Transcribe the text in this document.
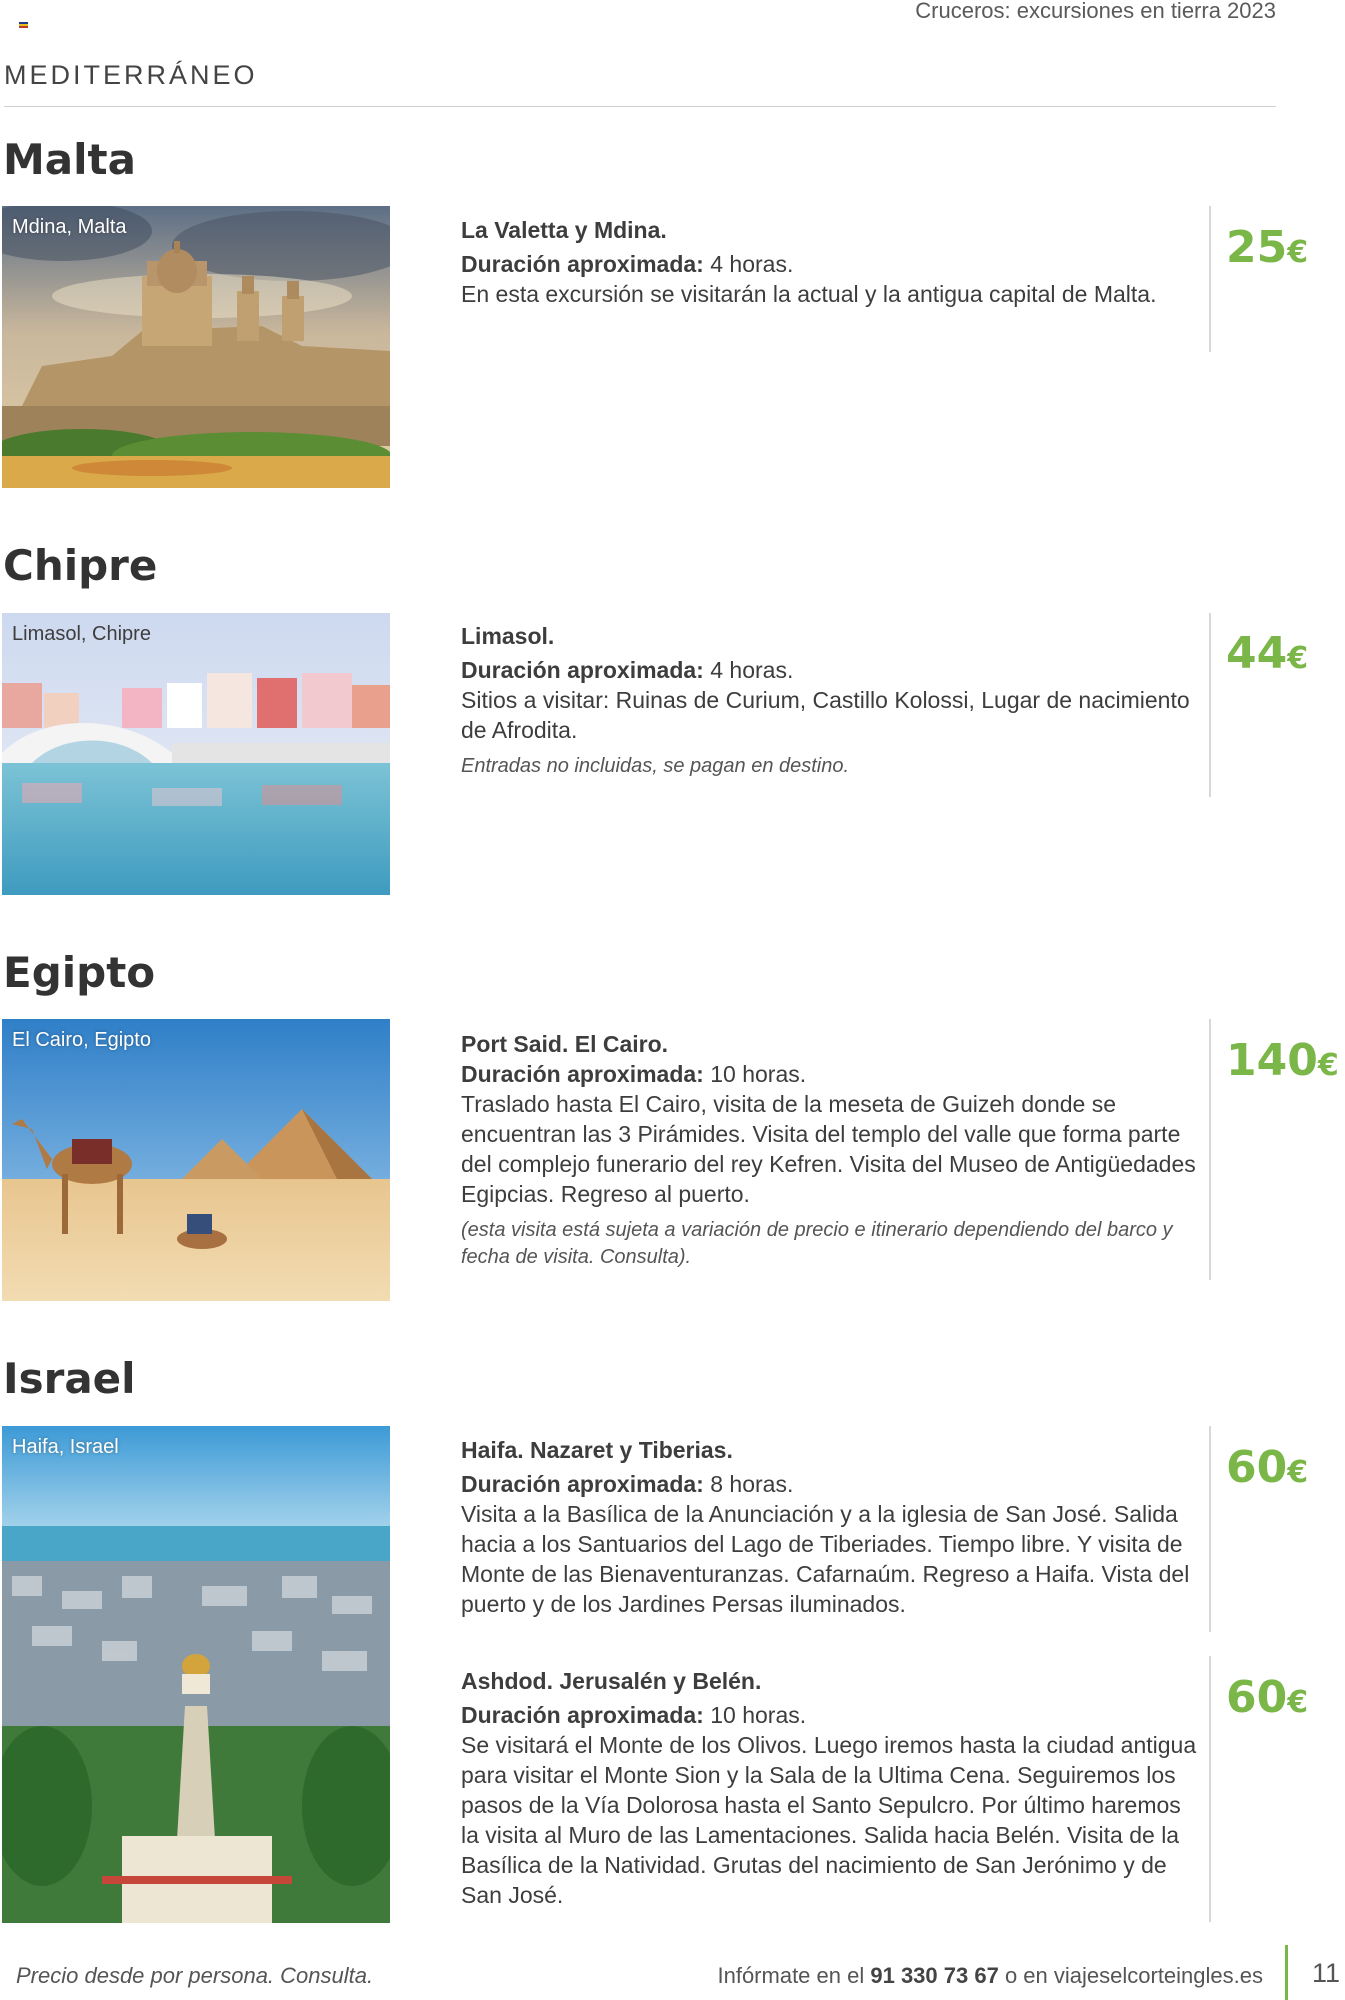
Cruceros: excursiones en tierra 2023
MEDITERRÁNEO
Malta
Mdina, Malta	La Valetta y Mdina.
Duración aproximada: 4 horas.
En esta excursión se visitarán la actual y la antigua capital de Malta.
25€
Chipre
Limasol, Chipre	Limasol.
Duración aproximada: 4 horas.
Sitios a visitar: Ruinas de Curium, Castillo Kolossi, Lugar de nacimiento de Afrodita.
Entradas no incluidas, se pagan en destino.
44€
Egipto
El Cairo, Egipto	Port Said. El Cairo.
Duración aproximada: 10 horas.
Traslado hasta El Cairo, visita de la meseta de Guizeh donde se encuentran las 3 Pirámides. Visita del templo del valle que forma parte del complejo funerario del rey Kefren. Visita del Museo de Antigüedades Egipcias. Regreso al puerto.
(esta visita está sujeta a variación de precio e itinerario dependiendo del barco y fecha de visita. Consulta).
140€
Israel
Haifa, Israel	Haifa. Nazaret y Tiberias.
Duración aproximada: 8 horas.
Visita a la Basílica de la Anunciación y a la iglesia de San José. Salida hacia a los Santuarios del Lago de Tiberiades. Tiempo libre. Y visita de Monte de las Bienaventuranzas. Cafarnaúm. Regreso a Haifa. Vista del puerto y de los Jardines Persas iluminados.
60€
Ashdod. Jerusalén y Belén.
Duración aproximada: 10 horas.
Se visitará el Monte de los Olivos. Luego iremos hasta la ciudad antigua para visitar el Monte Sion y la Sala de la Ultima Cena. Seguiremos los pasos de la Vía Dolorosa hasta el Santo Sepulcro. Por último haremos la visita al Muro de las Lamentaciones. Salida hacia Belén. Visita de la Basílica de la Natividad. Grutas del nacimiento de San Jerónimo y de San José.
60€
Precio desde por persona. Consulta.	Infórmate en el 91 330 73 67 o en viajeselcorteingles.es 11
